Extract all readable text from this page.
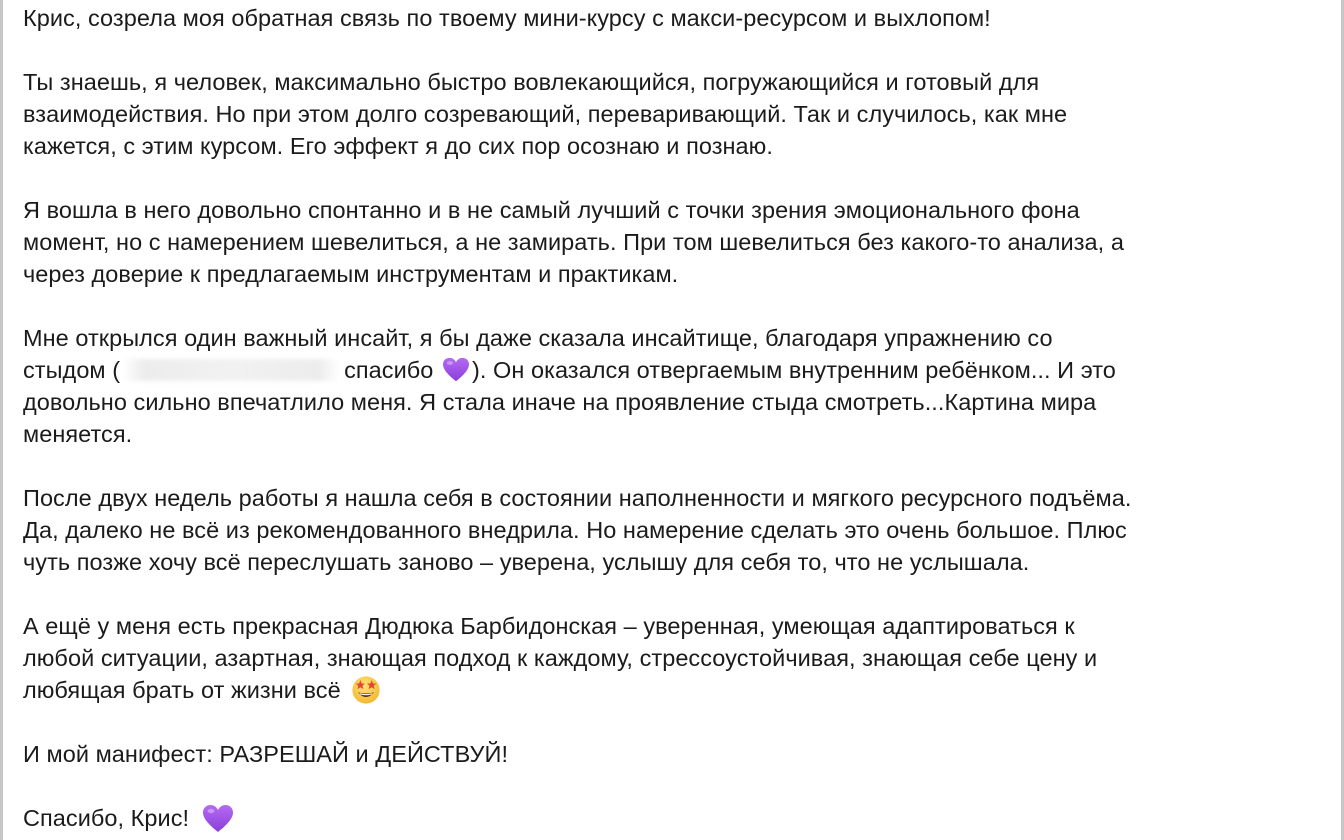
Крис, созрела моя обратная связь по твоему мини-курсу с макси-ресурсом и выхлопом!
Ты знаешь, я человек, максимально быстро вовлекающийся, погружающийся и готовый для
взаимодействия. Но при этом долго созревающий, переваривающий. Так и случилось, как мне
кажется, с этим курсом. Его эффект я до сих пор осознаю и познаю.
Я вошла в него довольно спонтанно и в не самый лучший с точки зрения эмоционального фона
момент, но с намерением шевелиться, а не замирать. При том шевелиться без какого-то анализа, а
через доверие к предлагаемым инструментам и практикам.
Мне открылся один важный инсайт, я бы даже сказала инсайтище, благодаря упражнению со
стыдом (	спасибо ). Он оказался отвергаемым внутренним ребёнком... И это
довольно сильно впечатлило меня. Я стала иначе на проявление стыда смотреть...Картина мира
меняется.
После двух недель работы я нашла себя в состоянии наполненности и мягкого ресурсного подъёма.
Да, далеко не всё из рекомендованного внедрила. Но намерение сделать это очень большое. Плюс
чуть позже хочу всё переслушать заново – уверена, услышу для себя то, что не услышала.
А ещё у меня есть прекрасная Дюдюка Барбидонская – уверенная, умеющая адаптироваться к
любой ситуации, азартная, знающая подход к каждому, стрессоустойчивая, знающая себе цену и
любящая брать от жизни всё
И мой манифест: РАЗРЕШАЙ и ДЕЙСТВУЙ!
Спасибо, Крис!
